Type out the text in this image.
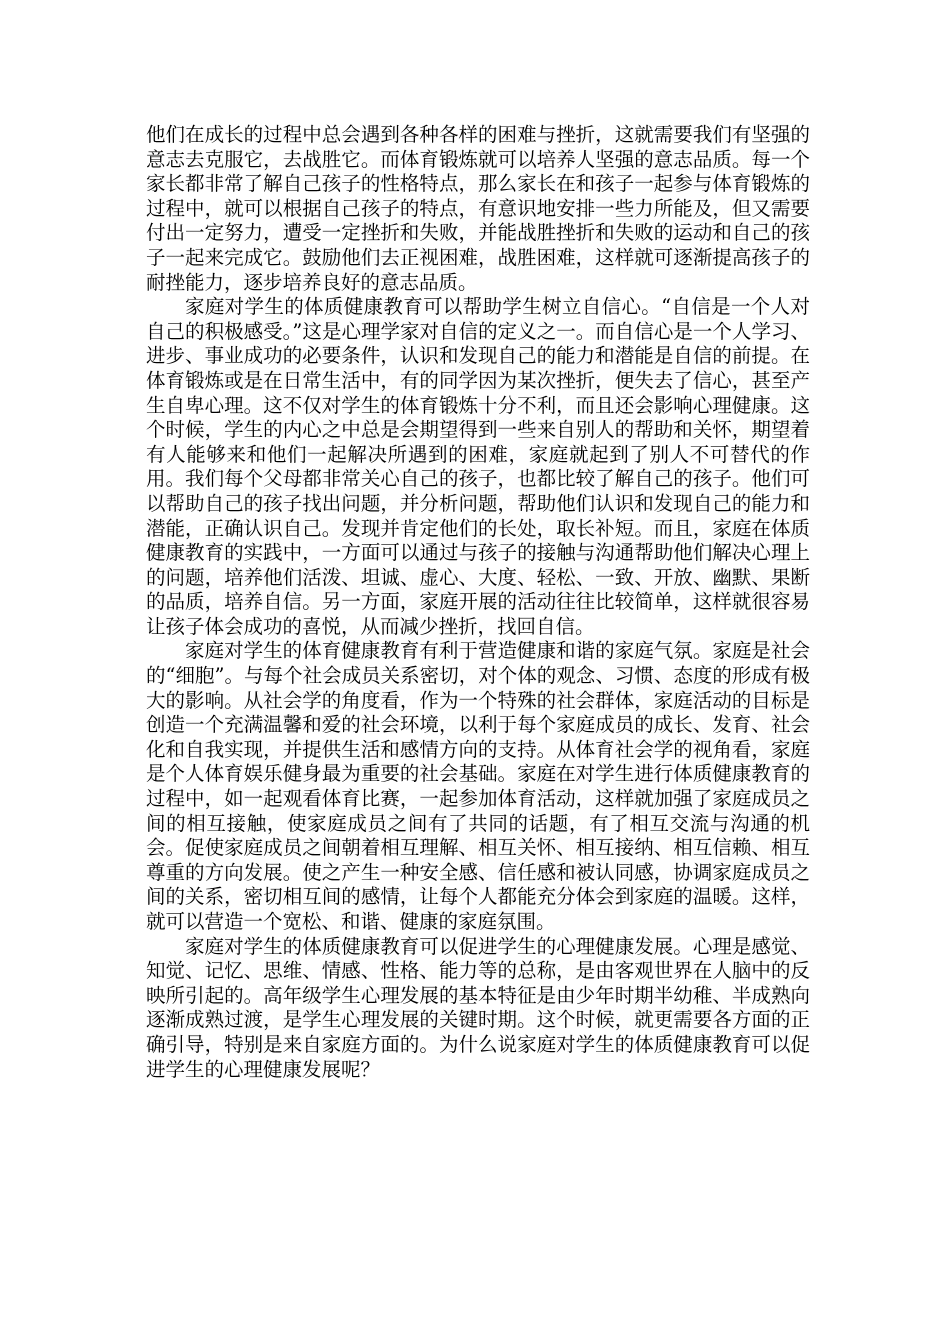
他们在成长的过程中总会遇到各种各样的困难与挫折，这就需要我们有坚强的意志去克服它，去战胜它。而体育锻炼就可以培养人坚强的意志品质。每一个家长都非常了解自己孩子的性格特点，那么家长在和孩子一起参与体育锻炼的过程中，就可以根据自己孩子的特点，有意识地安排一些力所能及，但又需要付出一定努力，遭受一定挫折和失败，并能战胜挫折和失败的运动和自己的孩子一起来完成它。鼓励他们去正视困难，战胜困难，这样就可逐渐提高孩子的耐挫能力，逐步培养良好的意志品质。

家庭对学生的体质健康教育可以帮助学生树立自信心。“自信是一个人对自己的积极感受。”这是心理学家对自信的定义之一。而自信心是一个人学习、进步、事业成功的必要条件，认识和发现自己的能力和潜能是自信的前提。在体育锻炼或是在日常生活中，有的同学因为某次挫折，便失去了信心，甚至产生自卑心理。这不仅对学生的体育锻炼十分不利，而且还会影响心理健康。这个时候，学生的内心之中总是会期望得到一些来自别人的帮助和关怀，期望着有人能够来和他们一起解决所遇到的困难，家庭就起到了别人不可替代的作用。我们每个父母都非常关心自己的孩子，也都比较了解自己的孩子。他们可以帮助自己的孩子找出问题，并分析问题，帮助他们认识和发现自己的能力和潜能，正确认识自己。发现并肯定他们的长处，取长补短。而且，家庭在体质健康教育的实践中，一方面可以通过与孩子的接触与沟通帮助他们解决心理上的问题，培养他们活泼、坦诚、虚心、大度、轻松、一致、开放、幽默、果断的品质，培养自信。另一方面，家庭开展的活动往往比较简单，这样就很容易让孩子体会成功的喜悦，从而减少挫折，找回自信。

家庭对学生的体育健康教育有利于营造健康和谐的家庭气氛。家庭是社会的“细胞”。与每个社会成员关系密切，对个体的观念、习惯、态度的形成有极大的影响。从社会学的角度看，作为一个特殊的社会群体，家庭活动的目标是创造一个充满温馨和爱的社会环境，以利于每个家庭成员的成长、发育、社会化和自我实现，并提供生活和感情方向的支持。从体育社会学的视角看，家庭是个人体育娱乐健身最为重要的社会基础。家庭在对学生进行体质健康教育的过程中，如一起观看体育比赛，一起参加体育活动，这样就加强了家庭成员之间的相互接触，使家庭成员之间有了共同的话题，有了相互交流与沟通的机会。促使家庭成员之间朝着相互理解、相互关怀、相互接纳、相互信赖、相互尊重的方向发展。使之产生一种安全感、信任感和被认同感，协调家庭成员之间的关系，密切相互间的感情，让每个人都能充分体会到家庭的温暖。这样，就可以营造一个宽松、和谐、健康的家庭氛围。

家庭对学生的体质健康教育可以促进学生的心理健康发展。心理是感觉、知觉、记忆、思维、情感、性格、能力等的总称，是由客观世界在人脑中的反映所引起的。高年级学生心理发展的基本特征是由少年时期半幼稚、半成熟向逐渐成熟过渡，是学生心理发展的关键时期。这个时候，就更需要各方面的正确引导，特别是来自家庭方面的。为什么说家庭对学生的体质健康教育可以促进学生的心理健康发展呢？
